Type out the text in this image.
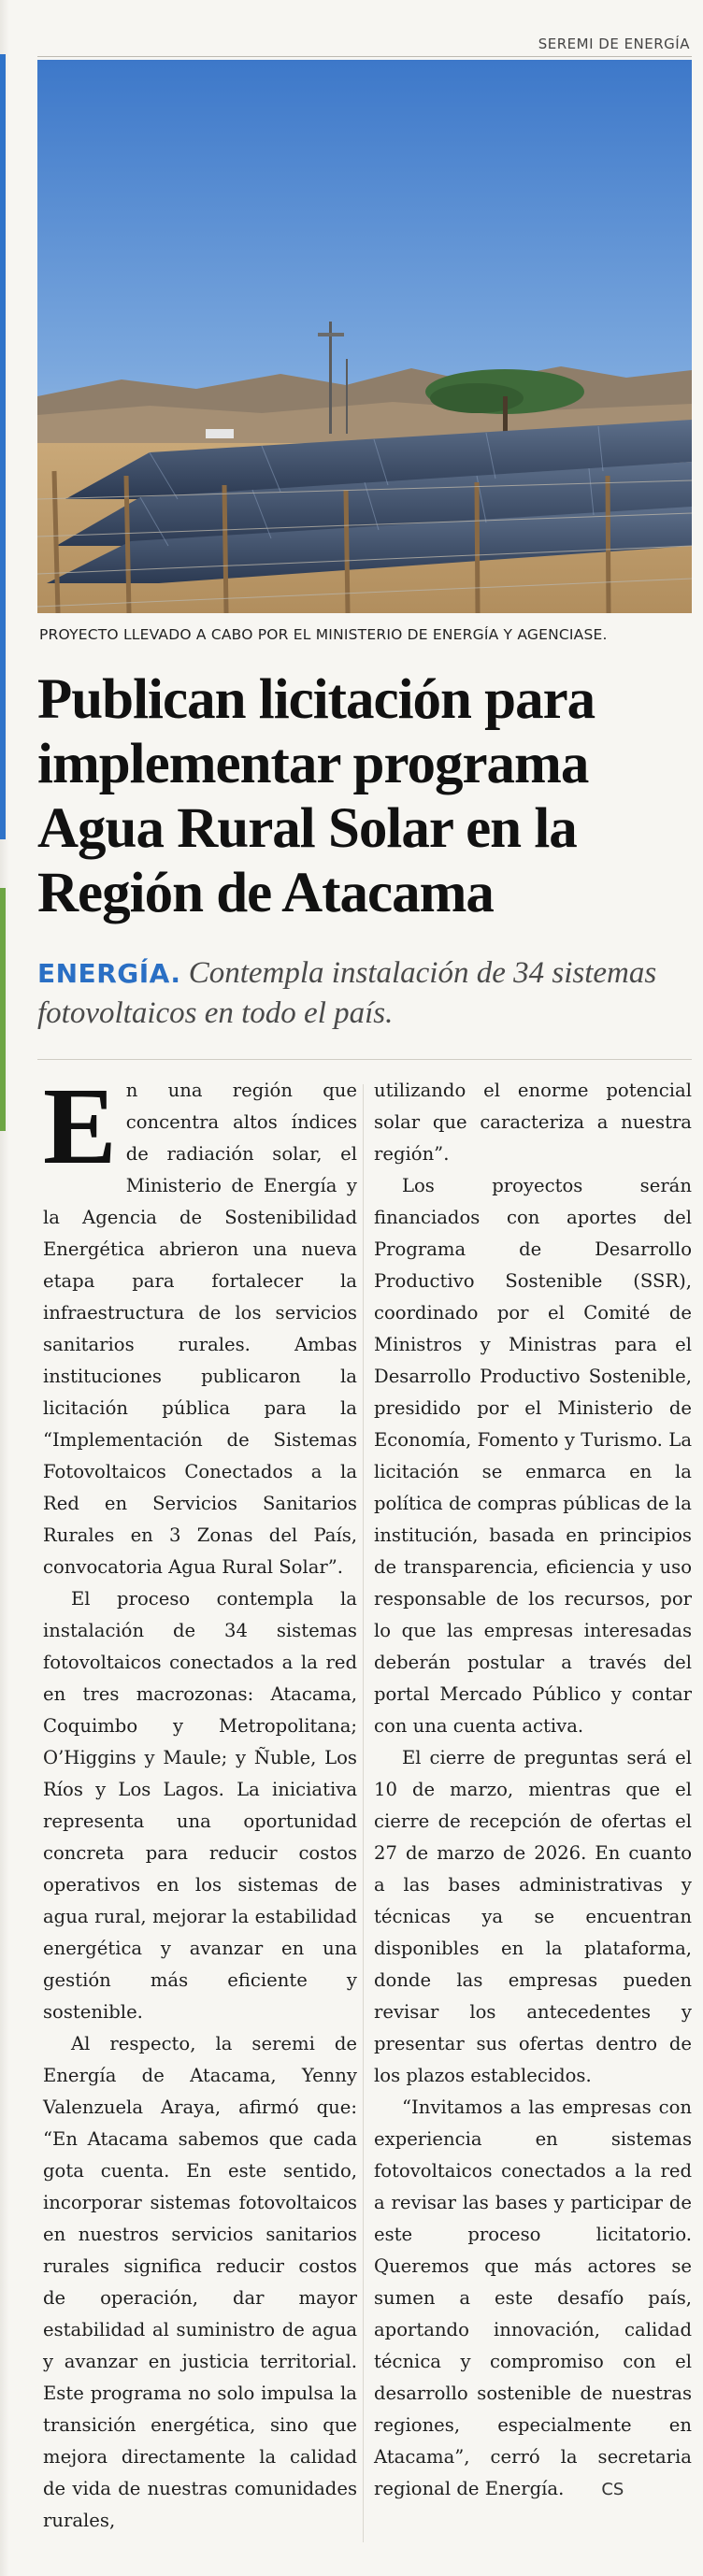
SEREMI DE ENERGÍA
PROYECTO LLEVADO A CABO POR EL MINISTERIO DE ENERGÍA Y AGENCIASE.
Publican licitación para
implementar programa
Agua Rural Solar en la
Región de Atacama
ENERGÍA. Contempla instalación de 34 sistemas fotovoltaicos en todo el país.

En una región que concentra altos índices de radiación solar, el Ministerio de Energía y la Agencia de Sostenibilidad Energética abrieron una nueva etapa para fortalecer la infraestructura de los servicios sanitarios rurales. Ambas instituciones publicaron la licitación pública para la “Implementación de Sistemas Fotovoltaicos Conectados a la Red en Servicios Sanitarios Rurales en 3 Zonas del País, convocatoria Agua Rural Solar”.

El proceso contempla la instalación de 34 sistemas fotovoltaicos conectados a la red en tres macrozonas: Atacama, Coquimbo y Metropolitana; O’Higgins y Maule; y Ñuble, Los Ríos y Los Lagos. La iniciativa representa una oportunidad concreta para reducir costos operativos en los sistemas de agua rural, mejorar la estabilidad energética y avanzar en una gestión más eficiente y sostenible.

Al respecto, la seremi de Energía de Atacama, Yenny Valenzuela Araya, afirmó que: “En Atacama sabemos que cada gota cuenta. En este sentido, incorporar sistemas fotovoltaicos en nuestros servicios sanitarios rurales significa reducir costos de operación, dar mayor estabilidad al suministro de agua y avanzar en justicia territorial. Este programa no solo impulsa la transición energética, sino que mejora directamente la calidad de vida de nuestras comunidades rurales,

utilizando el enorme potencial solar que caracteriza a nuestra región”.

Los proyectos serán financiados con aportes del Programa de Desarrollo Productivo Sostenible (SSR), coordinado por el Comité de Ministros y Ministras para el Desarrollo Productivo Sostenible, presidido por el Ministerio de Economía, Fomento y Turismo. La licitación se enmarca en la política de compras públicas de la institución, basada en principios de transparencia, eficiencia y uso responsable de los recursos, por lo que las empresas interesadas deberán postular a través del portal Mercado Público y contar con una cuenta activa.

El cierre de preguntas será el 10 de marzo, mientras que el cierre de recepción de ofertas el 27 de marzo de 2026. En cuanto a las bases administrativas y técnicas ya se encuentran disponibles en la plataforma, donde las empresas pueden revisar los antecedentes y presentar sus ofertas dentro de los plazos establecidos.

“Invitamos a las empresas con experiencia en sistemas fotovoltaicos conectados a la red a revisar las bases y participar de este proceso licitatorio. Queremos que más actores se sumen a este desafío país, aportando innovación, calidad técnica y compromiso con el desarrollo sostenible de nuestras regiones, especialmente en Atacama”, cerró la secretaria regional de Energía. CS
